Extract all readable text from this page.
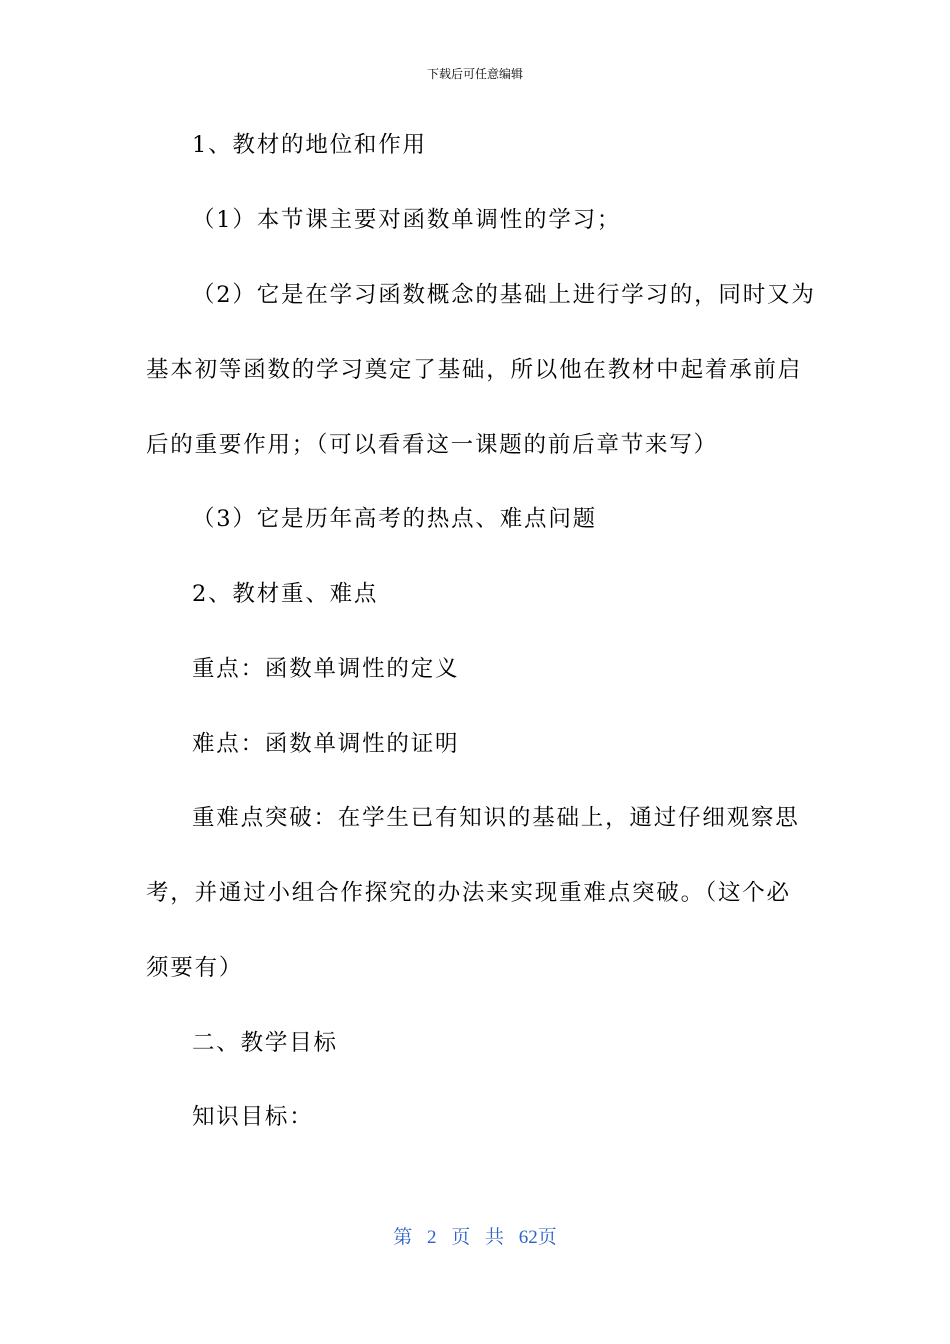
下载后可任意编辑
1、教材的地位和作用
（1）本节课主要对函数单调性的学习；
（2）它是在学习函数概念的基础上进行学习的，同时又为
基本初等函数的学习奠定了基础，所以他在教材中起着承前启
后的重要作用；（可以看看这一课题的前后章节来写）
（3）它是历年高考的热点、难点问题
2、教材重、难点
重点：函数单调性的定义
难点：函数单调性的证明
重难点突破：在学生已有知识的基础上，通过仔细观察思
考，并通过小组合作探究的办法来实现重难点突破。（这个必
须要有）
二、教学目标
知识目标：
第 2 页 共 62页
